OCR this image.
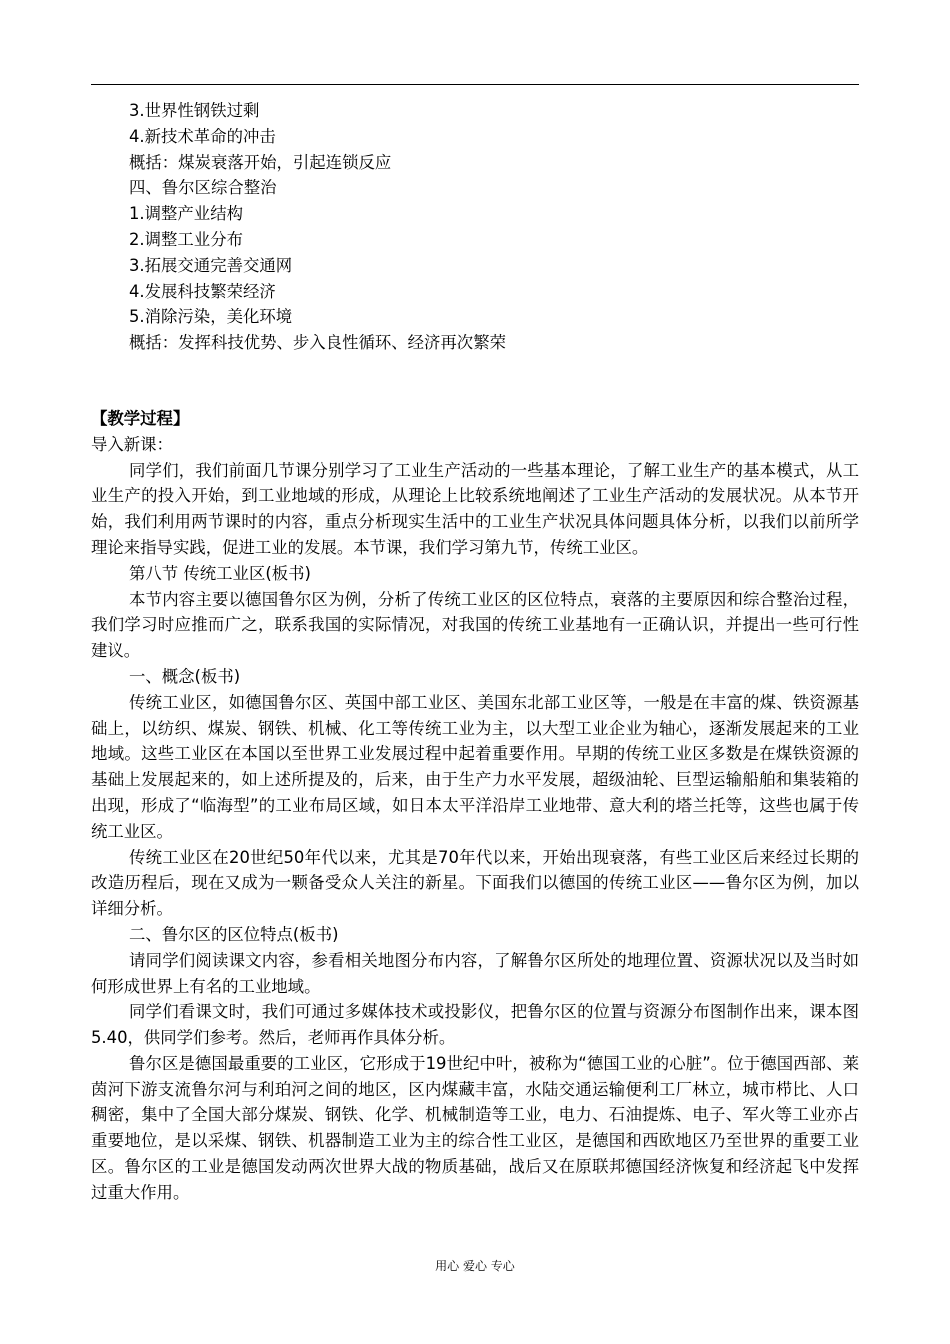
3.世界性钢铁过剩
4.新技术革命的冲击
概括：煤炭衰落开始，引起连锁反应
四、鲁尔区综合整治
1.调整产业结构
2.调整工业分布
3.拓展交通完善交通网
4.发展科技繁荣经济
5.消除污染，美化环境
概括：发挥科技优势、步入良性循环、经济再次繁荣
【教学过程】
导入新课：
同学们，我们前面几节课分别学习了工业生产活动的一些基本理论，了解工业生产的基本模式，从工业生产的投入开始，到工业地域的形成，从理论上比较系统地阐述了工业生产活动的发展状况。从本节开始，我们利用两节课时的内容，重点分析现实生活中的工业生产状况具体问题具体分析，以我们以前所学理论来指导实践，促进工业的发展。本节课，我们学习第九节，传统工业区。
第八节 传统工业区(板书)
本节内容主要以德国鲁尔区为例，分析了传统工业区的区位特点，衰落的主要原因和综合整治过程，我们学习时应推而广之，联系我国的实际情况，对我国的传统工业基地有一正确认识，并提出一些可行性建议。
一、概念(板书)
传统工业区，如德国鲁尔区、英国中部工业区、美国东北部工业区等，一般是在丰富的煤、铁资源基础上，以纺织、煤炭、钢铁、机械、化工等传统工业为主，以大型工业企业为轴心，逐渐发展起来的工业地域。这些工业区在本国以至世界工业发展过程中起着重要作用。早期的传统工业区多数是在煤铁资源的基础上发展起来的，如上述所提及的，后来，由于生产力水平发展，超级油轮、巨型运输船舶和集装箱的出现，形成了“临海型”的工业布局区域，如日本太平洋沿岸工业地带、意大利的塔兰托等，这些也属于传统工业区。
传统工业区在20世纪50年代以来，尤其是70年代以来，开始出现衰落，有些工业区后来经过长期的改造历程后，现在又成为一颗备受众人关注的新星。下面我们以德国的传统工业区——鲁尔区为例，加以详细分析。
二、鲁尔区的区位特点(板书)
请同学们阅读课文内容，参看相关地图分布内容，了解鲁尔区所处的地理位置、资源状况以及当时如何形成世界上有名的工业地域。
同学们看课文时，我们可通过多媒体技术或投影仪，把鲁尔区的位置与资源分布图制作出来，课本图5.40，供同学们参考。然后，老师再作具体分析。
鲁尔区是德国最重要的工业区，它形成于19世纪中叶，被称为“德国工业的心脏”。位于德国西部、莱茵河下游支流鲁尔河与利珀河之间的地区，区内煤藏丰富，水陆交通运输便利工厂林立，城市栉比、人口稠密，集中了全国大部分煤炭、钢铁、化学、机械制造等工业，电力、石油提炼、电子、军火等工业亦占重要地位，是以采煤、钢铁、机器制造工业为主的综合性工业区，是德国和西欧地区乃至世界的重要工业区。鲁尔区的工业是德国发动两次世界大战的物质基础，战后又在原联邦德国经济恢复和经济起飞中发挥过重大作用。
用心 爱心 专心
